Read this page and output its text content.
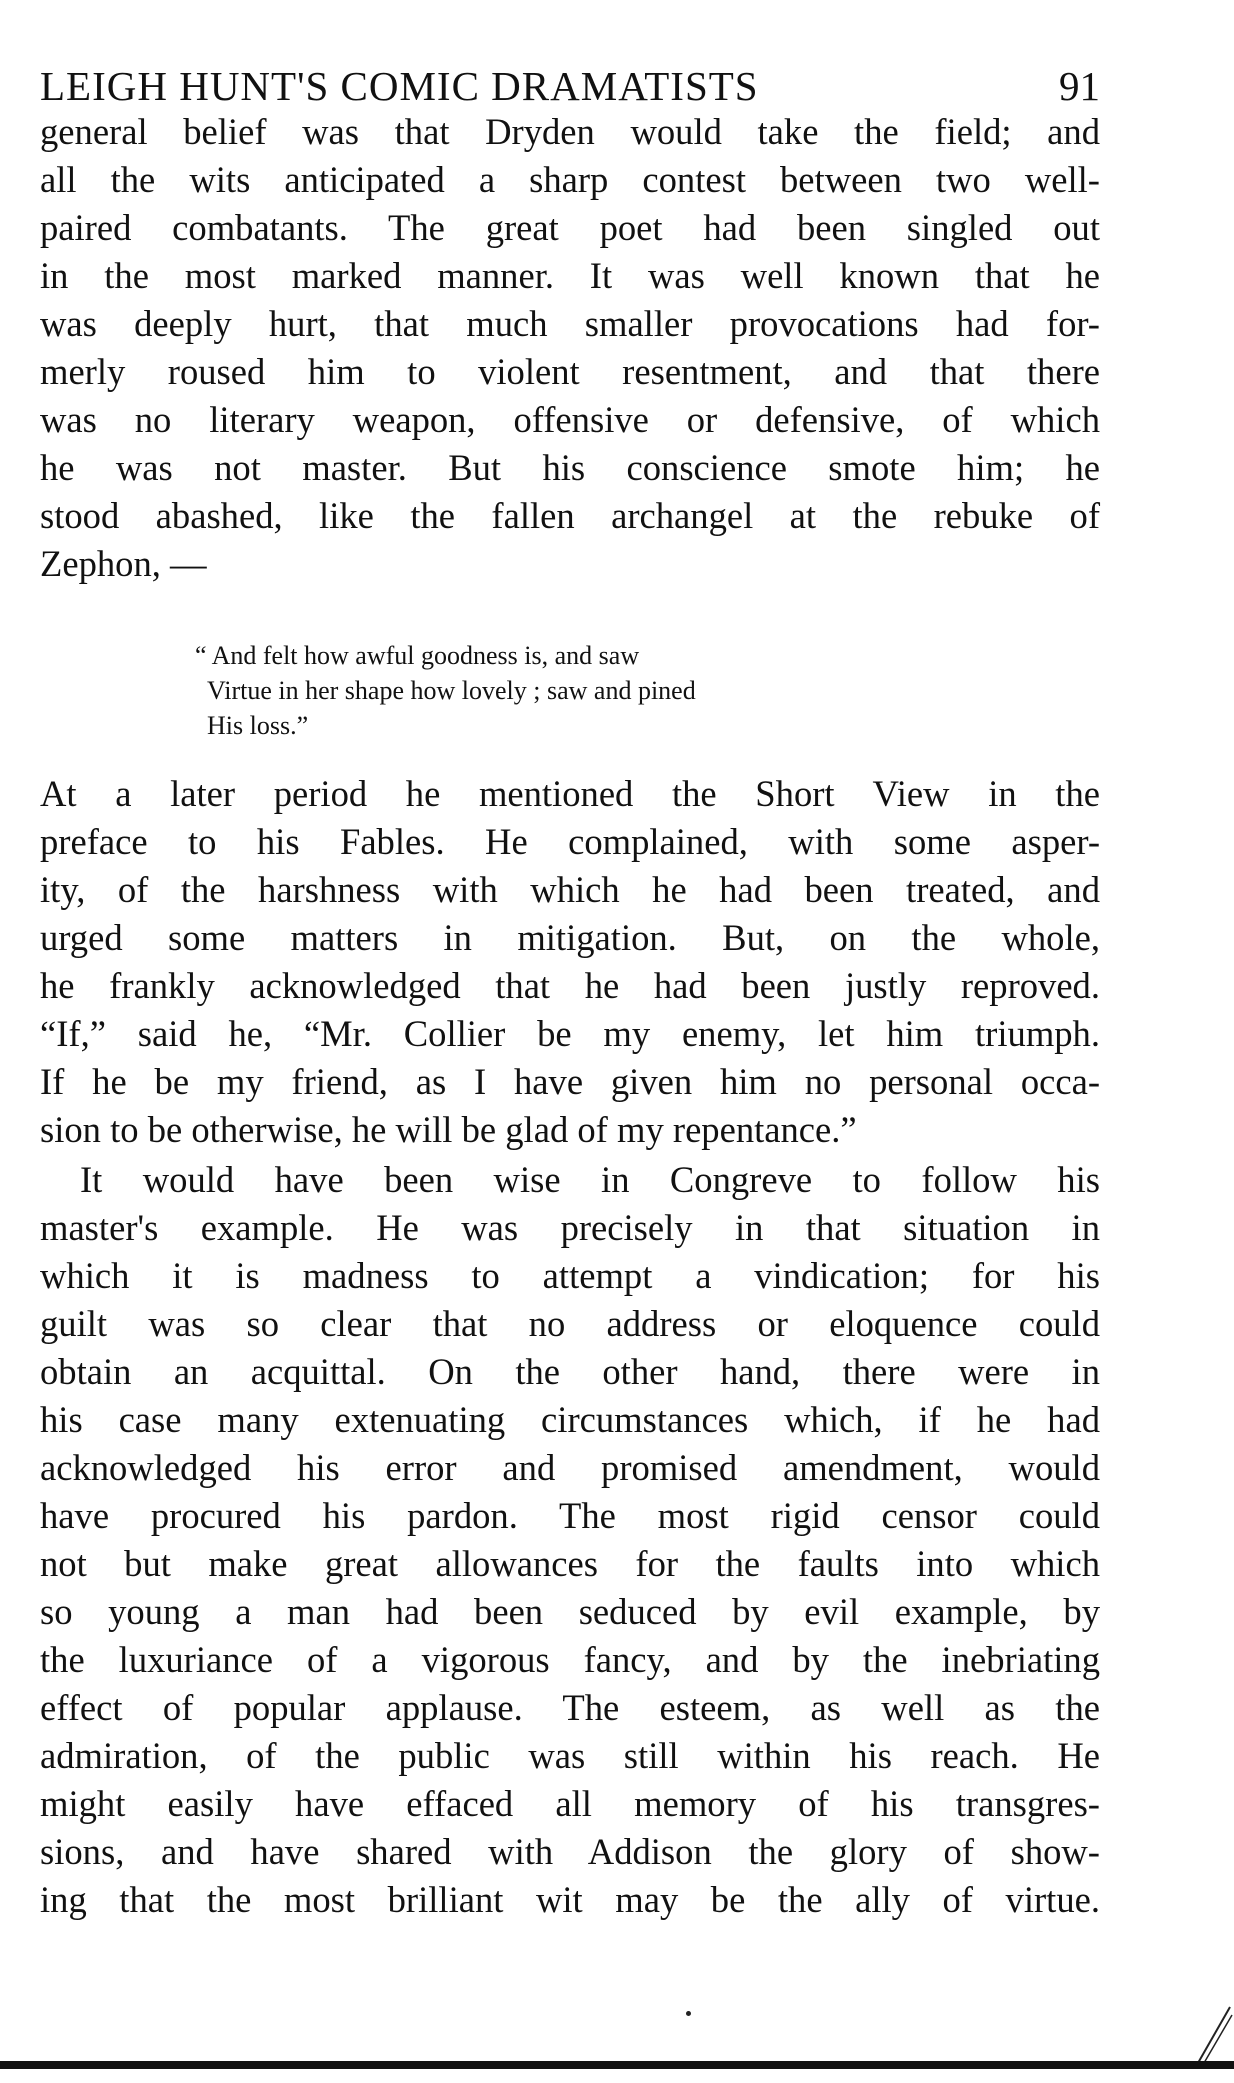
LEIGH HUNT'S COMIC DRAMATISTS	91
general belief was that Dryden would take the field; and
all the wits anticipated a sharp contest between two well-
paired combatants. The great poet had been singled out
in the most marked manner. It was well known that he
was deeply hurt, that much smaller provocations had for-
merly roused him to violent resentment, and that there
was no literary weapon, offensive or defensive, of which
he was not master. But his conscience smote him; he
stood abashed, like the fallen archangel at the rebuke of
Zephon, —
“ And felt how awful goodness is, and saw
Virtue in her shape how lovely ; saw and pined
His loss.”
At a later period he mentioned the Short View in the
preface to his Fables. He complained, with some asper-
ity, of the harshness with which he had been treated, and
urged some matters in mitigation. But, on the whole,
he frankly acknowledged that he had been justly reproved.
“If,” said he, “Mr. Collier be my enemy, let him triumph.
If he be my friend, as I have given him no personal occa-
sion to be otherwise, he will be glad of my repentance.”
It would have been wise in Congreve to follow his
master's example. He was precisely in that situation in
which it is madness to attempt a vindication; for his
guilt was so clear that no address or eloquence could
obtain an acquittal. On the other hand, there were in
his case many extenuating circumstances which, if he had
acknowledged his error and promised amendment, would
have procured his pardon. The most rigid censor could
not but make great allowances for the faults into which
so young a man had been seduced by evil example, by
the luxuriance of a vigorous fancy, and by the inebriating
effect of popular applause. The esteem, as well as the
admiration, of the public was still within his reach. He
might easily have effaced all memory of his transgres-
sions, and have shared with Addison the glory of show-
ing that the most brilliant wit may be the ally of virtue.
